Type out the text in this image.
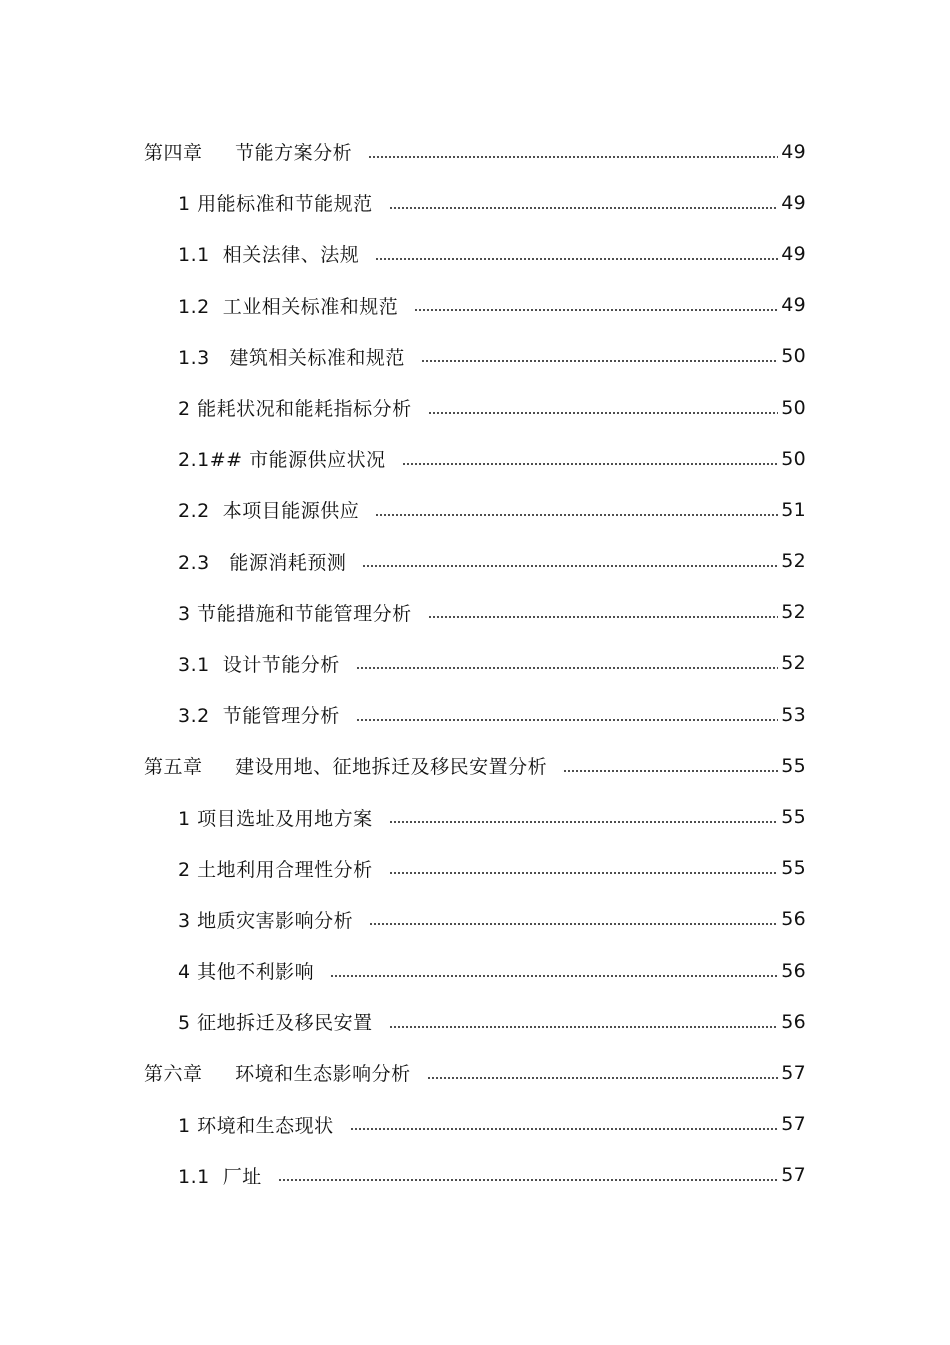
第四章　  节能方案分析	49
1 用能标准和节能规范	49
1.1  相关法律、法规	49
1.2  工业相关标准和规范	49
1.3   建筑相关标准和规范	50
2 能耗状况和能耗指标分析	50
2.1## 市能源供应状况	50
2.2  本项目能源供应	51
2.3   能源消耗预测	52
3 节能措施和节能管理分析	52
3.1  设计节能分析	52
3.2  节能管理分析	53
第五章　  建设用地、征地拆迁及移民安置分析	55
1 项目选址及用地方案	55
2 土地利用合理性分析	55
3 地质灾害影响分析	56
4 其他不利影响	56
5 征地拆迁及移民安置	56
第六章　  环境和生态影响分析	57
1 环境和生态现状	57
1.1  厂址	57
